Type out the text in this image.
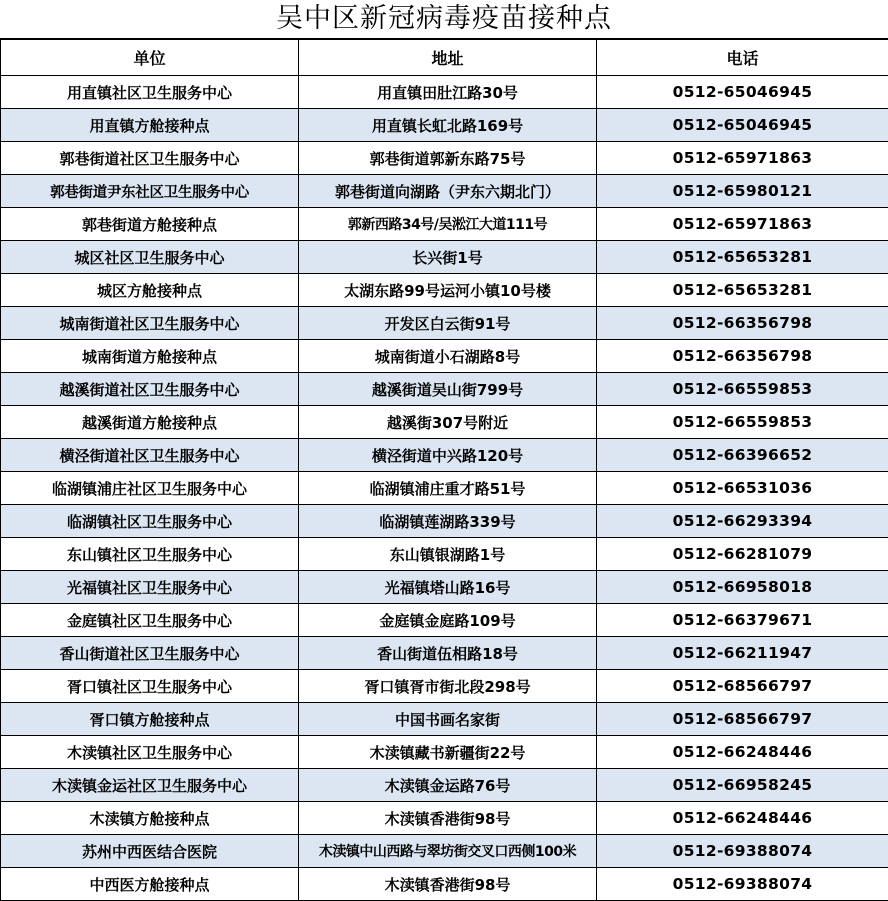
吴中区新冠病毒疫苗接种点
单位	地址	电话
用直镇社区卫生服务中心	用直镇田肚江路30号	0512-65046945
用直镇方舱接种点	用直镇长虹北路169号	0512-65046945
郭巷街道社区卫生服务中心	郭巷街道郭新东路75号	0512-65971863
郭巷街道尹东社区卫生服务中心	郭巷街道向湖路（尹东六期北门）	0512-65980121
郭巷街道方舱接种点	郭新西路34号/吴淞江大道111号	0512-65971863
城区社区卫生服务中心	长兴街1号	0512-65653281
城区方舱接种点	太湖东路99号运河小镇10号楼	0512-65653281
城南街道社区卫生服务中心	开发区白云街91号	0512-66356798
城南街道方舱接种点	城南街道小石湖路8号	0512-66356798
越溪街道社区卫生服务中心	越溪街道吴山街799号	0512-66559853
越溪街道方舱接种点	越溪街307号附近	0512-66559853
横泾街道社区卫生服务中心	横泾街道中兴路120号	0512-66396652
临湖镇浦庄社区卫生服务中心	临湖镇浦庄重才路51号	0512-66531036
临湖镇社区卫生服务中心	临湖镇莲湖路339号	0512-66293394
东山镇社区卫生服务中心	东山镇银湖路1号	0512-66281079
光福镇社区卫生服务中心	光福镇塔山路16号	0512-66958018
金庭镇社区卫生服务中心	金庭镇金庭路109号	0512-66379671
香山街道社区卫生服务中心	香山街道伍相路18号	0512-66211947
胥口镇社区卫生服务中心	胥口镇胥市街北段298号	0512-68566797
胥口镇方舱接种点	中国书画名家街	0512-68566797
木渎镇社区卫生服务中心	木渎镇藏书新疆街22号	0512-66248446
木渎镇金运社区卫生服务中心	木渎镇金运路76号	0512-66958245
木渎镇方舱接种点	木渎镇香港街98号	0512-66248446
苏州中西医结合医院	木渎镇中山西路与翠坊街交叉口西侧100米	0512-69388074
中西医方舱接种点	木渎镇香港街98号	0512-69388074
